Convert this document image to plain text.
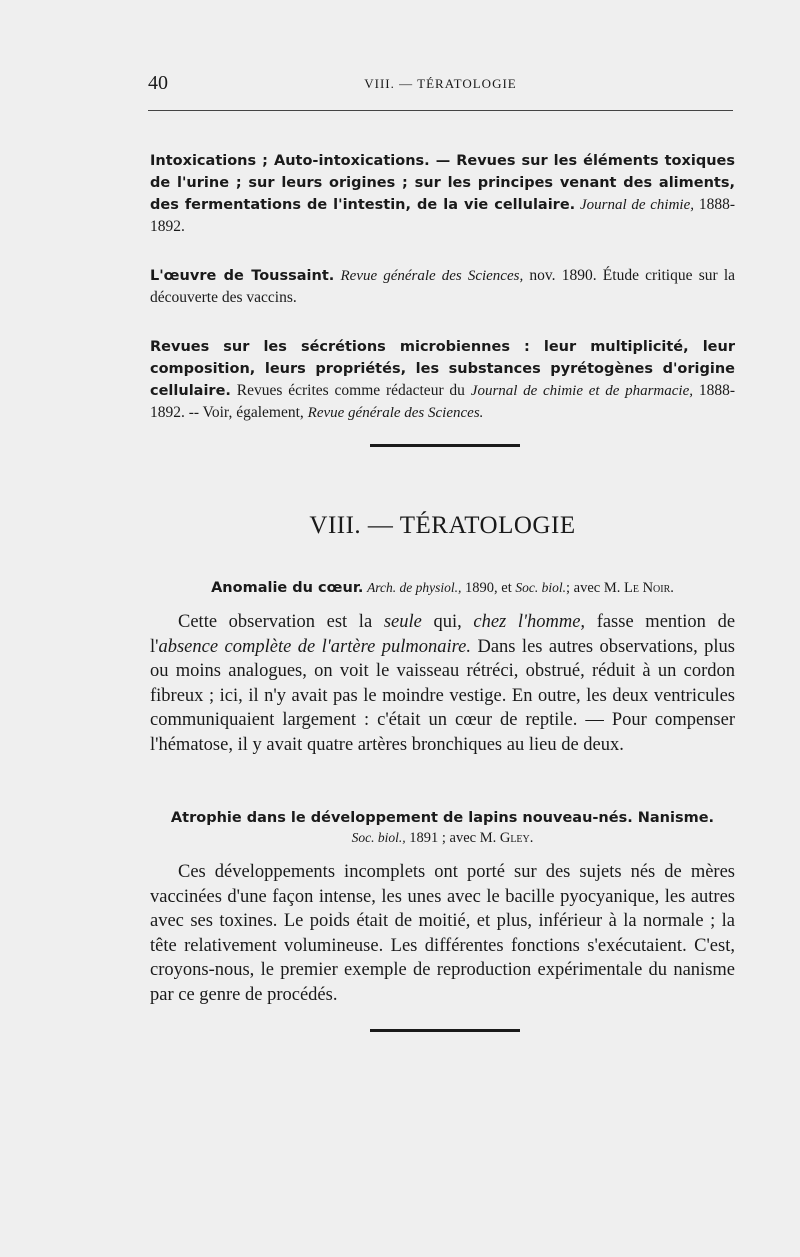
40	VIII. — TÉRATOLOGIE

Intoxications ; Auto-intoxications. — Revues sur les éléments toxiques de l'urine ; sur leurs origines ; sur les principes venant des aliments, des fermentations de l'intestin, de la vie cellulaire. Journal de chimie, 1888-1892.

L'œuvre de Toussaint. Revue générale des Sciences, nov. 1890. Étude critique sur la découverte des vaccins.

Revues sur les sécrétions microbiennes : leur multiplicité, leur composition, leurs propriétés, les substances pyrétogènes d'origine cellulaire. Revues écrites comme rédacteur du Journal de chimie et de pharmacie, 1888-1892. -- Voir, également, Revue générale des Sciences.

VIII. — TÉRATOLOGIE

Anomalie du cœur. Arch. de physiol., 1890, et Soc. biol.; avec M. Le Noir.

Cette observation est la seule qui, chez l'homme, fasse mention de l'absence complète de l'artère pulmonaire. Dans les autres observations, plus ou moins analogues, on voit le vaisseau rétréci, obstrué, réduit à un cordon fibreux ; ici, il n'y avait pas le moindre vestige. En outre, les deux ventricules communiquaient largement : c'était un cœur de reptile. — Pour compenser l'hématose, il y avait quatre artères bronchiques au lieu de deux.

Atrophie dans le développement de lapins nouveau-nés. Nanisme.
Soc. biol., 1891 ; avec M. Gley.

Ces développements incomplets ont porté sur des sujets nés de mères vaccinées d'une façon intense, les unes avec le bacille pyocyanique, les autres avec ses toxines. Le poids était de moitié, et plus, inférieur à la normale ; la tête relativement volumineuse. Les différentes fonctions s'exécutaient. C'est, croyons-nous, le premier exemple de reproduction expérimentale du nanisme par ce genre de procédés.
